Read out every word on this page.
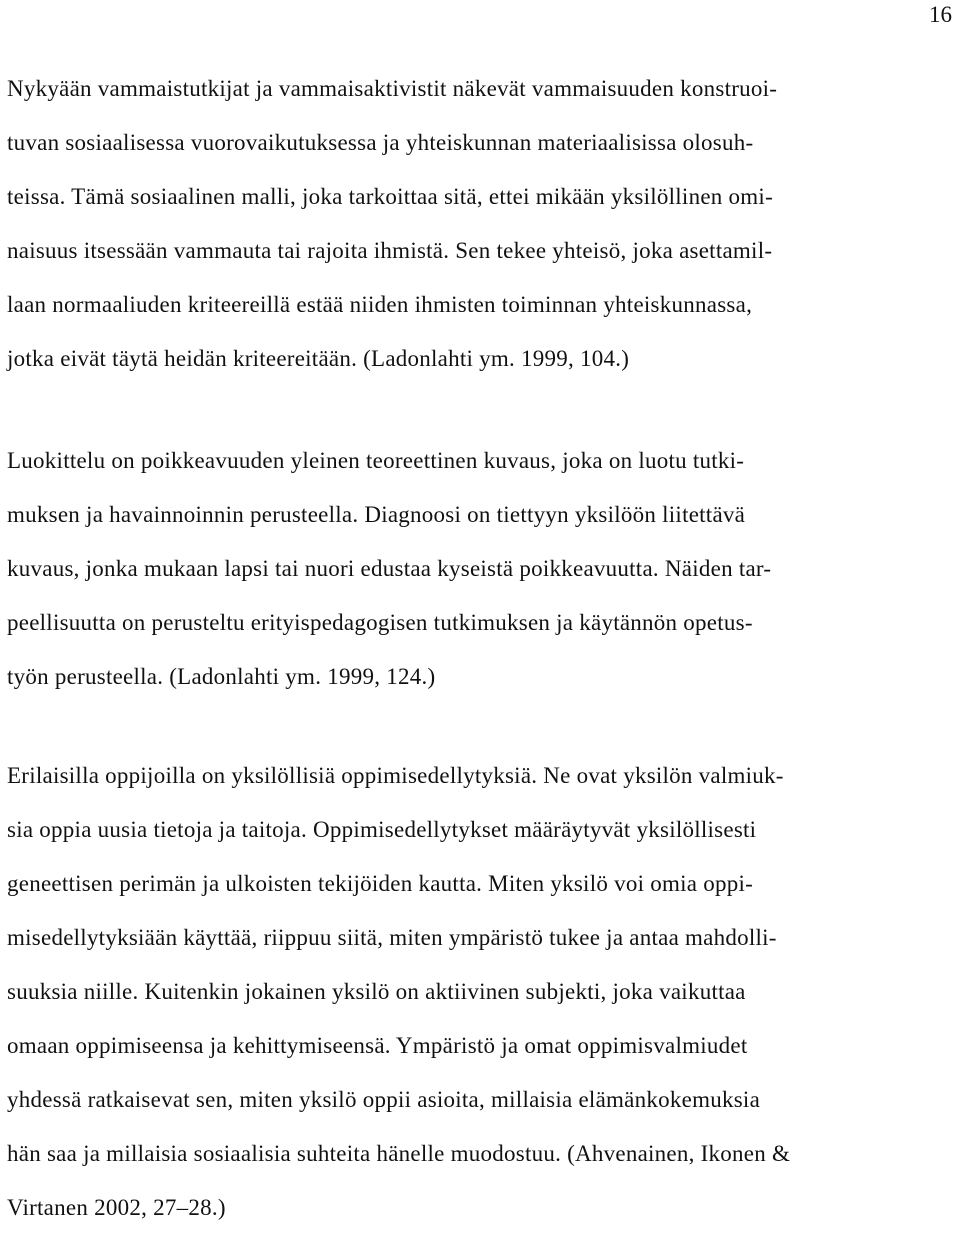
16
Nykyään vammaistutkijat ja vammaisaktivistit näkevät vammaisuuden konstruoi-
tuvan sosiaalisessa vuorovaikutuksessa ja yhteiskunnan materiaalisissa olosuh-
teissa. Tämä sosiaalinen malli, joka tarkoittaa sitä, ettei mikään yksilöllinen omi-
naisuus itsessään vammauta tai rajoita ihmistä. Sen tekee yhteisö, joka asettamil-
laan normaaliuden kriteereillä estää niiden ihmisten toiminnan yhteiskunnassa,
jotka eivät täytä heidän kriteereitään. (Ladonlahti ym. 1999, 104.)
Luokittelu on poikkeavuuden yleinen teoreettinen kuvaus, joka on luotu tutki-
muksen ja havainnoinnin perusteella. Diagnoosi on tiettyyn yksilöön liitettävä
kuvaus, jonka mukaan lapsi tai nuori edustaa kyseistä poikkeavuutta. Näiden tar-
peellisuutta on perusteltu erityispedagogisen tutkimuksen ja käytännön opetus-
työn perusteella. (Ladonlahti ym. 1999, 124.)
Erilaisilla oppijoilla on yksilöllisiä oppimisedellytyksiä. Ne ovat yksilön valmiuk-
sia oppia uusia tietoja ja taitoja. Oppimisedellytykset määräytyvät yksilöllisesti
geneettisen perimän ja ulkoisten tekijöiden kautta. Miten yksilö voi omia oppi-
misedellytyksiään käyttää, riippuu siitä, miten ympäristö tukee ja antaa mahdolli-
suuksia niille. Kuitenkin jokainen yksilö on aktiivinen subjekti, joka vaikuttaa
omaan oppimiseensa ja kehittymiseensä. Ympäristö ja omat oppimisvalmiudet
yhdessä ratkaisevat sen, miten yksilö oppii asioita, millaisia elämänkokemuksia
hän saa ja millaisia sosiaalisia suhteita hänelle muodostuu. (Ahvenainen, Ikonen &
Virtanen 2002, 27–28.)
